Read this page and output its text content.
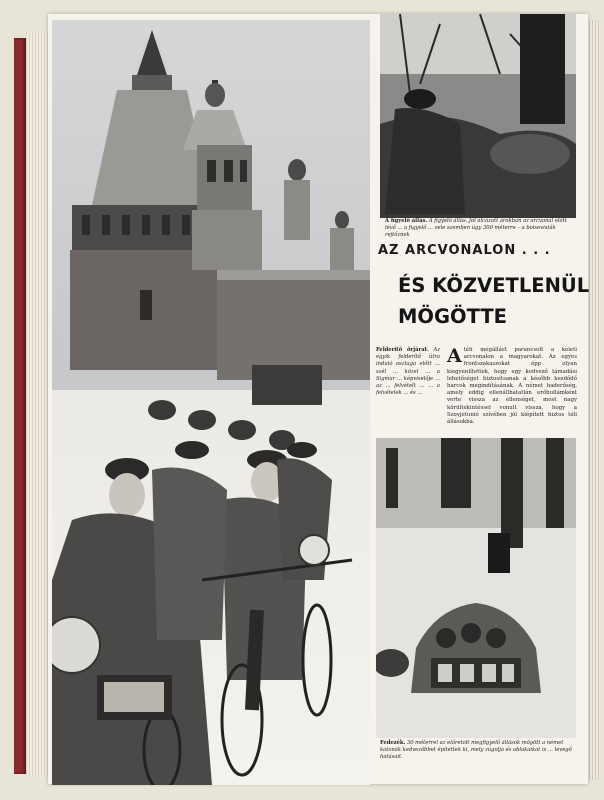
A figyelő állás. A figyelő állás. Jól álcázott árokban az arcvonal előtt lévő ... a figyelő ... vele szemben úgy 300 méterre – a bolsevisták rejtőznek
AZ ARCVONALON . . .
ÉS KÖZVETLENÜL
MÖGÖTTE
Felderítő őrjárat. Az egyik felderítő útra induló osztaga előtt ... szél ... közel ... a Sigmar ... képviselője ... az ... felvételt ... ... a felvételek ... és ...
Atéli megállást parancsolt a keleti arcvonalon a magyarokat. Az egyes frontszakaszokat épp olyan kiegyenlítettek, hogy egy kedvező támadási lehetőséget biztosítsanak a később kezdődő harcok megindításának. A német haderőség, amely eddig ellenállhatatlan erőhullámként verte vissza az ellenséget, most nagy körültekintéssel vonult vissza, hogy a Szovjetunió szívében jól kiépített biztos téli állásokba.
Fedezék. 30 méterrel az előretolt megfigyelő állások mögött a német katonák kedvezőbbet építettek ki, mely zúgolja és ablakaikat is ... levegő hatásait.
